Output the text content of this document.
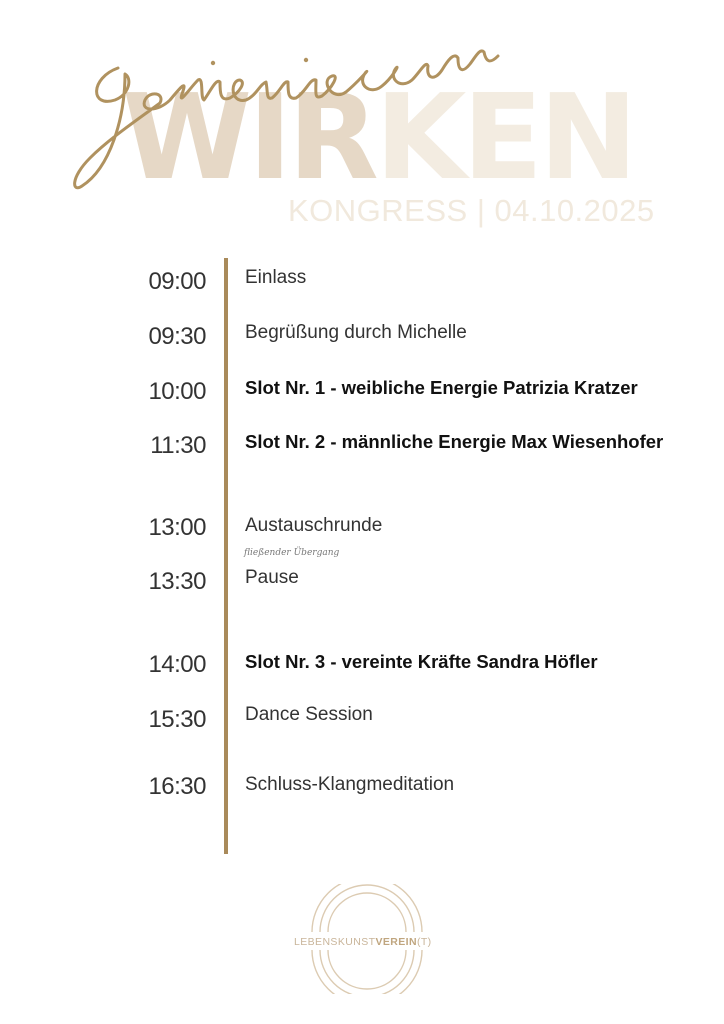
WIRKEN
KONGRESS | 04.10.2025
09:00 Einlass
09:30 Begrüßung durch Michelle
10:00 Slot Nr. 1 - weibliche Energie Patrizia Kratzer
11:30 Slot Nr. 2 - männliche Energie Max Wiesenhofer
13:00 Austauschrunde
fließender Übergang
13:30 Pause
14:00 Slot Nr. 3 - vereinte Kräfte Sandra Höfler
15:30 Dance Session
16:30 Schluss-Klangmeditation
LEBENSKUNSTVEREIN(T)
